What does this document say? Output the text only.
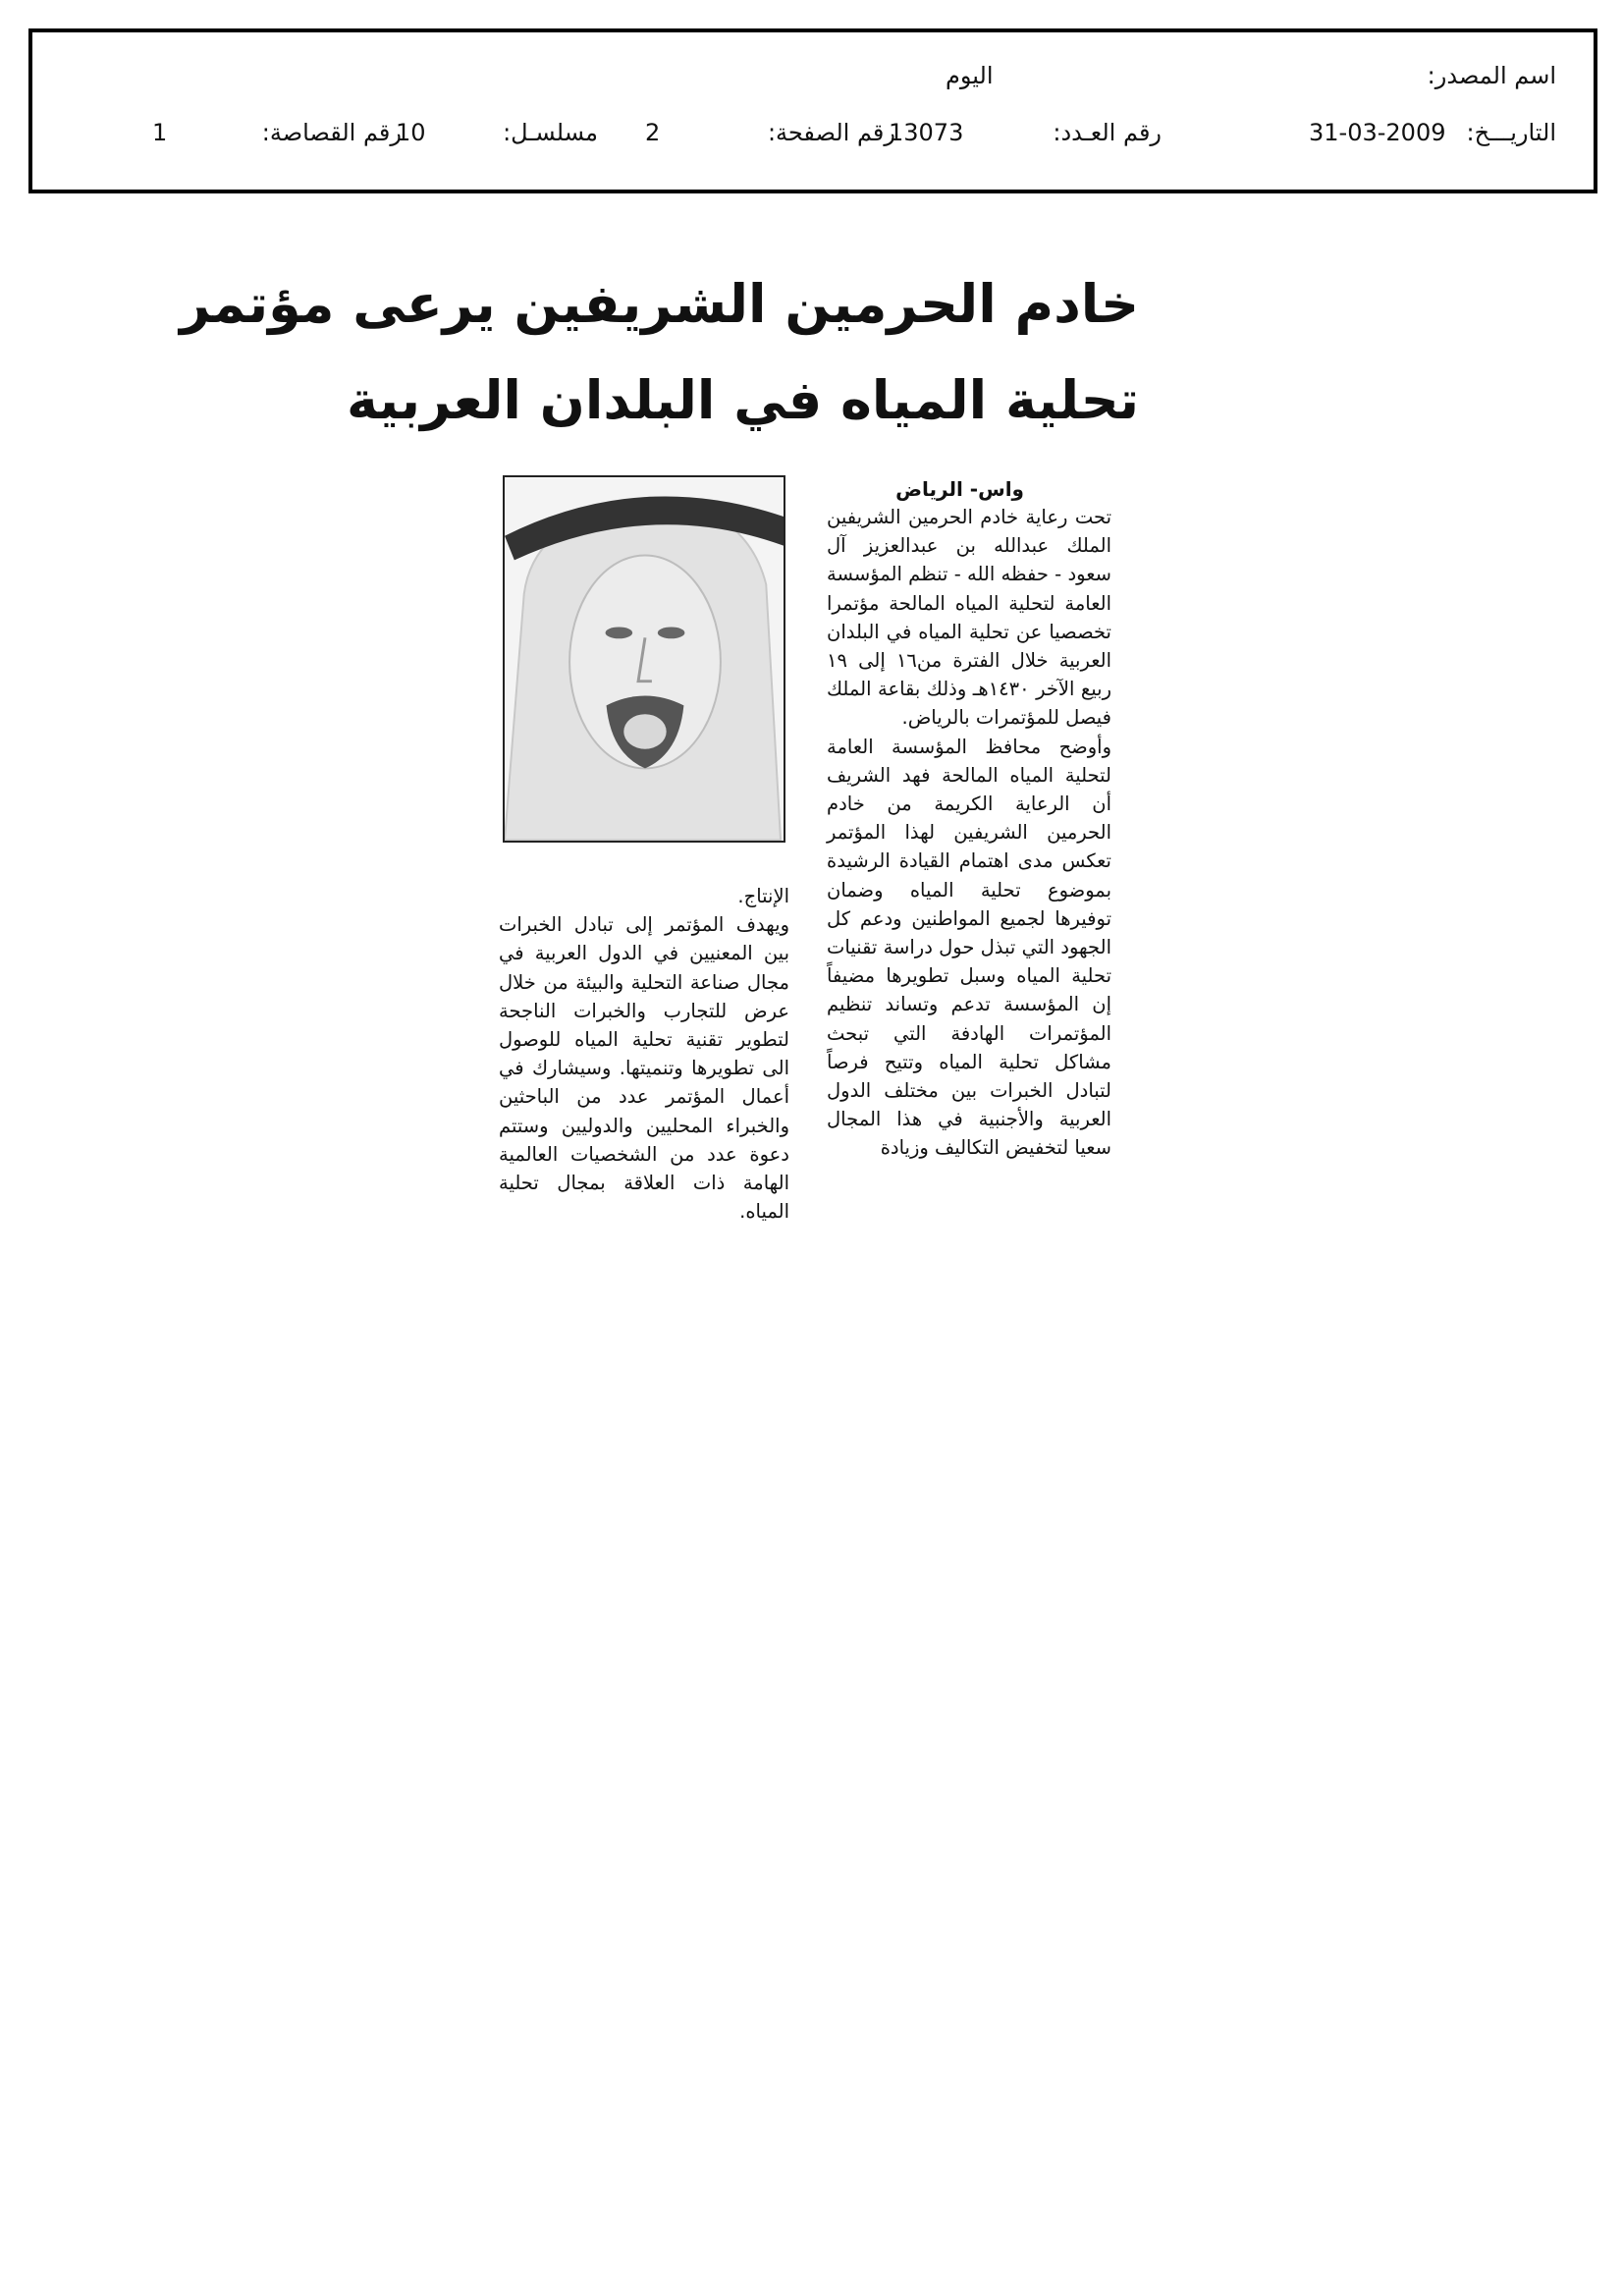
اسم المصدر:
اليوم
التاريـــخ:
31-03-2009
رقم العـدد:
13073
رقم الصفحة:
2
مسلسـل:
10
رقم القصاصة:
1
خادم الحرمين الشريفين يرعى مؤتمر
تحلية المياه في البلدان العربية
واس- الرياض

تحت رعاية خادم الحرمين الشريفين الملك عبدالله بن عبدالعزيز آل سعود - حفظه الله - تنظم المؤسسة العامة لتحلية المياه المالحة مؤتمرا تخصصيا عن تحلية المياه في البلدان العربية خلال الفترة من١٦ إلى ١٩ ربيع الآخر ١٤٣٠هـ وذلك بقاعة الملك فيصل للمؤتمرات بالرياض.

وأوضح محافظ المؤسسة العامة لتحلية المياه المالحة فهد الشريف أن الرعاية الكريمة من خادم الحرمين الشريفين لهذا المؤتمر تعكس مدى اهتمام القيادة الرشيدة بموضوع تحلية المياه وضمان توفيرها لجميع المواطنين ودعم كل الجهود التي تبذل حول دراسة تقنيات تحلية المياه وسبل تطويرها مضيفاً إن المؤسسة تدعم وتساند تنظيم المؤتمرات الهادفة التي تبحث مشاكل تحلية المياه وتتيح فرصاً لتبادل الخبرات بين مختلف الدول العربية والأجنبية في هذا المجال سعيا لتخفيض التكاليف وزيادة

الإنتاج.

ويهدف المؤتمر إلى تبادل الخبرات بين المعنيين في الدول العربية في مجال صناعة التحلية والبيئة من خلال عرض للتجارب والخبرات الناجحة لتطوير تقنية تحلية المياه للوصول الى تطويرها وتنميتها. وسيشارك في أعمال المؤتمر عدد من الباحثين والخبراء المحليين والدوليين وستتم دعوة عدد من الشخصيات العالمية الهامة ذات العلاقة بمجال تحلية المياه.
